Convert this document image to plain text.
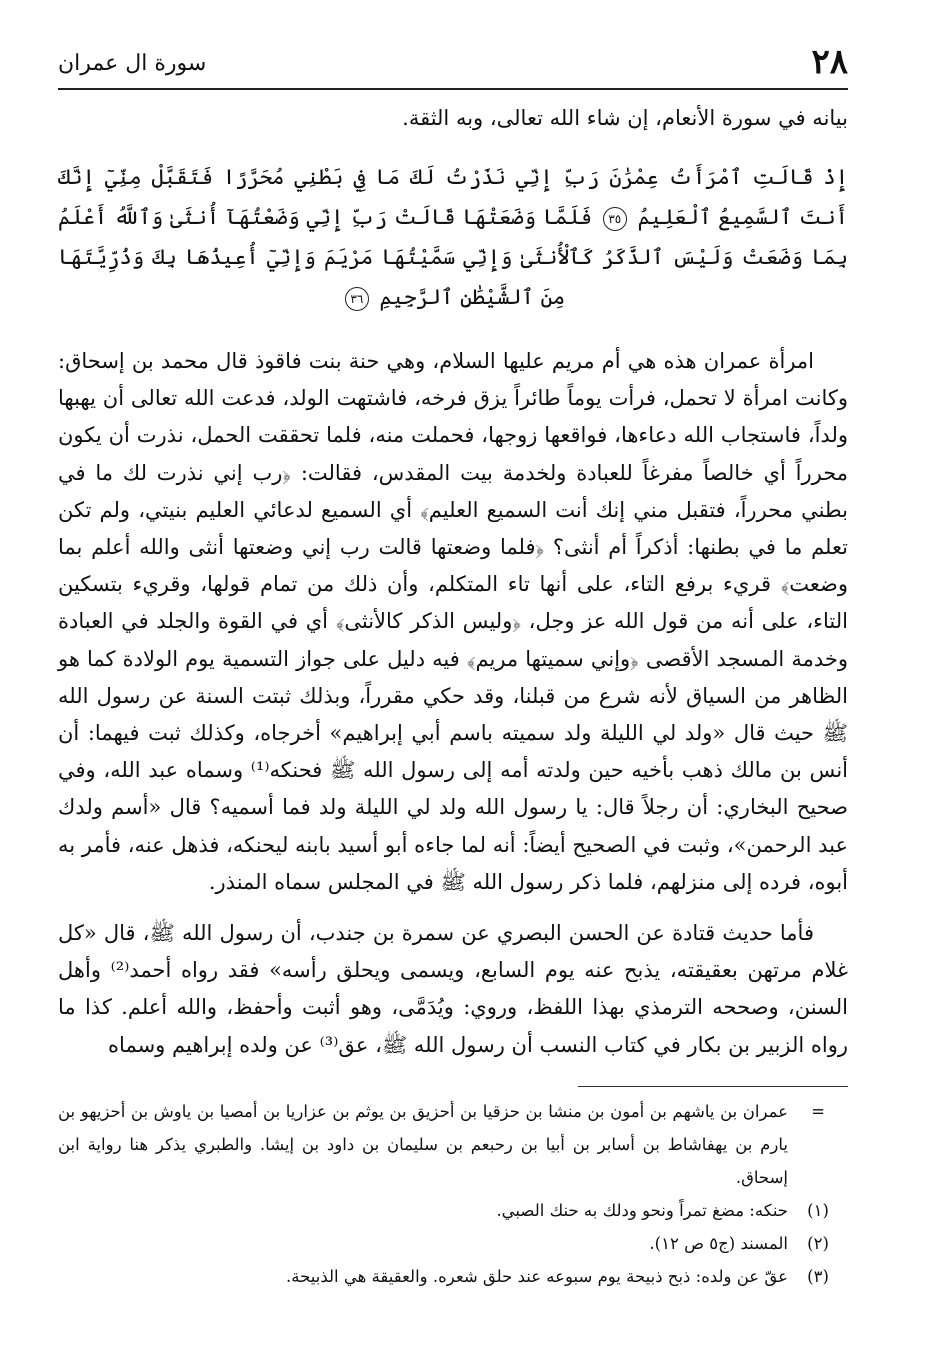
٢٨
سورة ال عمران

بيانه في سورة الأنعام، إن شاء الله تعالى، وبه الثقة.

إِذْ قَالَتِ ٱمْرَأَتُ عِمْرَٰنَ رَبِّ إِنِّي نَذَرْتُ لَكَ مَا فِي بَطْنِي مُحَرَّرًا فَتَقَبَّلْ مِنِّيٓ إِنَّكَ أَنتَ ٱلسَّمِيعُ ٱلْعَلِيمُ ٣٥ فَلَمَّا وَضَعَتْهَا قَالَتْ رَبِّ إِنِّي وَضَعْتُهَآ أُنثَىٰ وَٱللَّهُ أَعْلَمُ بِمَا وَضَعَتْ وَلَيْسَ ٱلذَّكَرُ كَٱلْأُنثَىٰ وَإِنِّي سَمَّيْتُهَا مَرْيَمَ وَإِنِّيٓ أُعِيذُهَا بِكَ وَذُرِّيَّتَهَا مِنَ ٱلشَّيْطَٰنِ ٱلرَّجِيمِ ٣٦

امرأة عمران هذه هي أم مريم عليها السلام، وهي حنة بنت فاقوذ قال محمد بن إسحاق: وكانت امرأة لا تحمل، فرأت يوماً طائراً يزق فرخه، فاشتهت الولد، فدعت الله تعالى أن يهبها ولداً، فاستجاب الله دعاءها، فواقعها زوجها، فحملت منه، فلما تحققت الحمل، نذرت أن يكون محرراً أي خالصاً مفرغاً للعبادة ولخدمة بيت المقدس، فقالت: ﴿رب إني نذرت لك ما في بطني محرراً، فتقبل مني إنك أنت السميع العليم﴾ أي السميع لدعائي العليم بنيتي، ولم تكن تعلم ما في بطنها: أذكراً أم أنثى؟ ﴿فلما وضعتها قالت رب إني وضعتها أنثى والله أعلم بما وضعت﴾ قريء برفع التاء، على أنها تاء المتكلم، وأن ذلك من تمام قولها، وقريء بتسكين التاء، على أنه من قول الله عز وجل، ﴿وليس الذكر كالأنثى﴾ أي في القوة والجلد في العبادة وخدمة المسجد الأقصى ﴿وإني سميتها مريم﴾ فيه دليل على جواز التسمية يوم الولادة كما هو الظاهر من السياق لأنه شرع من قبلنا، وقد حكي مقرراً، وبذلك ثبتت السنة عن رسول الله ﷺ حيث قال «ولد لي الليلة ولد سميته باسم أبي إبراهيم» أخرجاه، وكذلك ثبت فيهما: أن أنس بن مالك ذهب بأخيه حين ولدته أمه إلى رسول الله ﷺ فحنكه⁽¹⁾ وسماه عبد الله، وفي صحيح البخاري: أن رجلاً قال: يا رسول الله ولد لي الليلة ولد فما أسميه؟ قال «أسم ولدك عبد الرحمن»، وثبت في الصحيح أيضاً: أنه لما جاءه أبو أسيد بابنه ليحنكه، فذهل عنه، فأمر به أبوه، فرده إلى منزلهم، فلما ذكر رسول الله ﷺ في المجلس سماه المنذر.

فأما حديث قتادة عن الحسن البصري عن سمرة بن جندب، أن رسول الله ﷺ، قال «كل غلام مرتهن بعقيقته، يذبح عنه يوم السابع، ويسمى ويحلق رأسه» فقد رواه أحمد⁽²⁾ وأهل السنن، وصححه الترمذي بهذا اللفظ، وروي: ويُدَمَّى، وهو أثبت وأحفظ، والله أعلم. كذا ما رواه الزبير بن بكار في كتاب النسب أن رسول الله ﷺ، عق⁽³⁾ عن ولده إبراهيم وسماه

=
عمران بن ياشهم بن أمون بن منشا بن حزقيا بن أحزيق بن يوثم بن عزاريا بن أمصيا بن ياوش بن أحزيهو بن يارم بن يهفاشاط بن أسابر بن أبيا بن رحبعم بن سليمان بن داود بن إيشا. والطبري يذكر هنا رواية ابن إسحاق.
(١)
حنكه: مضغ تمراً ونحو ودلك به حنك الصبي.
(٢)
المسند (ج٥ ص ١٢).
(٣)
عقّ عن ولده: ذبح ذبيحة يوم سبوعه عند حلق شعره. والعقيقة هي الذبيحة.
